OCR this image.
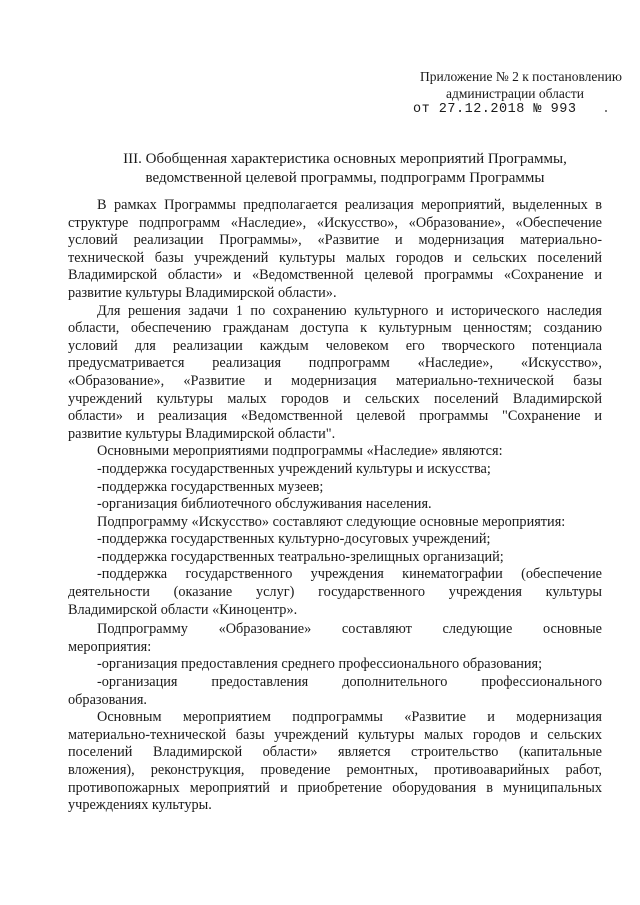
Приложение № 2 к постановлению
администрации области
от 27.12.2018 № 993
III. Обобщенная характеристика основных мероприятий Программы,
ведомственной целевой программы, подпрограмм Программы
В рамках Программы предполагается реализация мероприятий, выделенных в
структуре подпрограмм «Наследие», «Искусство», «Образование», «Обеспечение
условий реализации Программы», «Развитие и модернизация материально-
технической базы учреждений культуры малых городов и сельских поселений
Владимирской области» и «Ведомственной целевой программы «Сохранение и
развитие культуры Владимирской области».
Для решения задачи 1 по сохранению культурного и исторического наследия
области, обеспечению гражданам доступа к культурным ценностям; созданию
условий для реализации каждым человеком его творческого потенциала
предусматривается реализация подпрограмм «Наследие», «Искусство»,
«Образование», «Развитие и модернизация материально-технической базы
учреждений культуры малых городов и сельских поселений Владимирской
области» и реализация «Ведомственной целевой программы "Сохранение и
развитие культуры Владимирской области".
Основными мероприятиями подпрограммы «Наследие» являются:
-поддержка государственных учреждений культуры и искусства;
-поддержка государственных музеев;
-организация библиотечного обслуживания населения.
Подпрограмму «Искусство» составляют следующие основные мероприятия:
-поддержка государственных культурно-досуговых учреждений;
-поддержка государственных театрально-зрелищных организаций;
-поддержка государственного учреждения кинематографии (обеспечение
деятельности (оказание услуг) государственного учреждения культуры
Владимирской области «Киноцентр».
Подпрограмму «Образование» составляют следующие основные
мероприятия:
-организация предоставления среднего профессионального образования;
-организация предоставления дополнительного профессионального
образования.
Основным мероприятием подпрограммы «Развитие и модернизация
материально-технической базы учреждений культуры малых городов и сельских
поселений Владимирской области» является строительство (капитальные
вложения), реконструкция, проведение ремонтных, противоаварийных работ,
противопожарных мероприятий и приобретение оборудования в муниципальных
учреждениях культуры.
